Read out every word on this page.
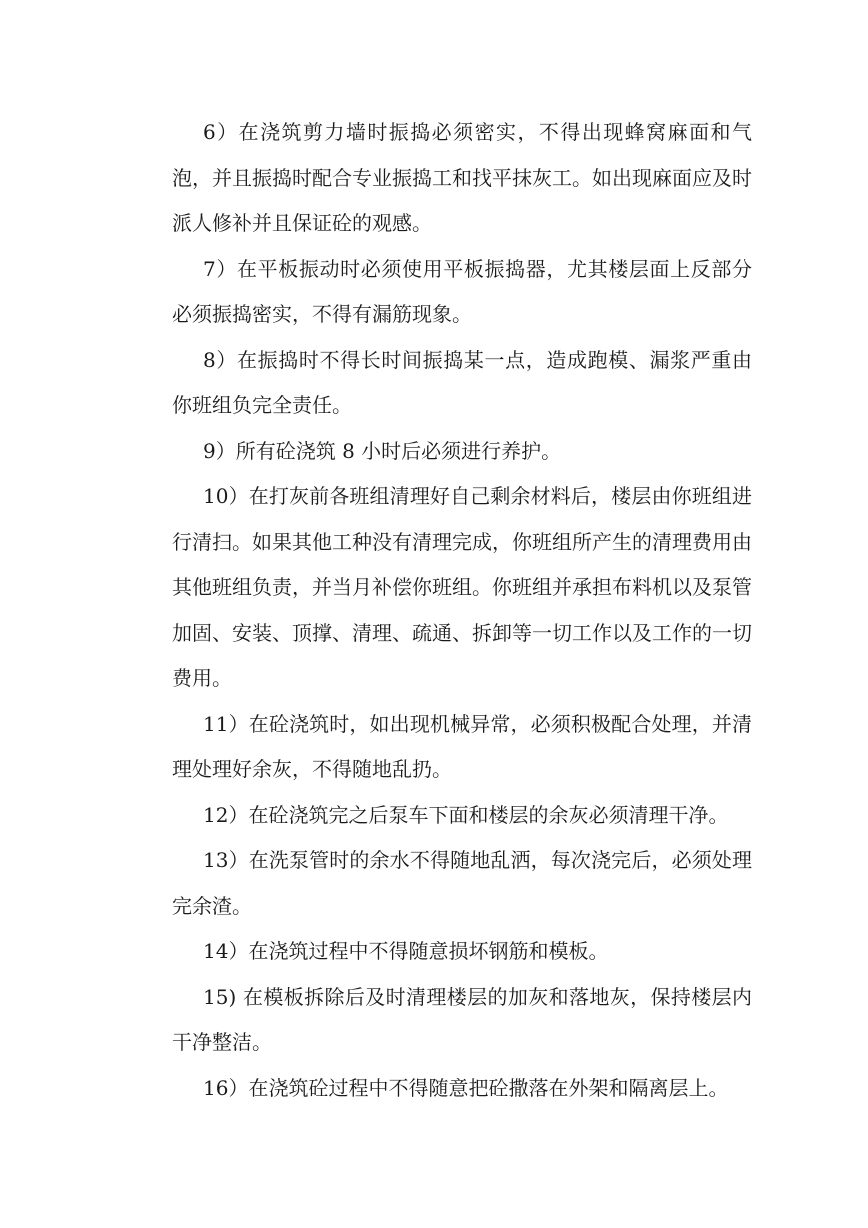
6）在浇筑剪力墙时振捣必须密实，不得出现蜂窝麻面和气泡，并且振捣时配合专业振捣工和找平抹灰工。如出现麻面应及时派人修补并且保证砼的观感。

7）在平板振动时必须使用平板振捣器，尤其楼层面上反部分必须振捣密实，不得有漏筋现象。

8）在振捣时不得长时间振捣某一点，造成跑模、漏浆严重由你班组负完全责任。

9）所有砼浇筑 8 小时后必须进行养护。

10）在打灰前各班组清理好自己剩余材料后，楼层由你班组进行清扫。如果其他工种没有清理完成，你班组所产生的清理费用由其他班组负责，并当月补偿你班组。你班组并承担布料机以及泵管加固、安装、顶撑、清理、疏通、拆卸等一切工作以及工作的一切费用。

11）在砼浇筑时，如出现机械异常，必须积极配合处理，并清理处理好余灰，不得随地乱扔。

12）在砼浇筑完之后泵车下面和楼层的余灰必须清理干净。

13）在洗泵管时的余水不得随地乱洒，每次浇完后，必须处理完余渣。

14）在浇筑过程中不得随意损坏钢筋和模板。

15) 在模板拆除后及时清理楼层的加灰和落地灰，保持楼层内干净整洁。

16）在浇筑砼过程中不得随意把砼撒落在外架和隔离层上。
